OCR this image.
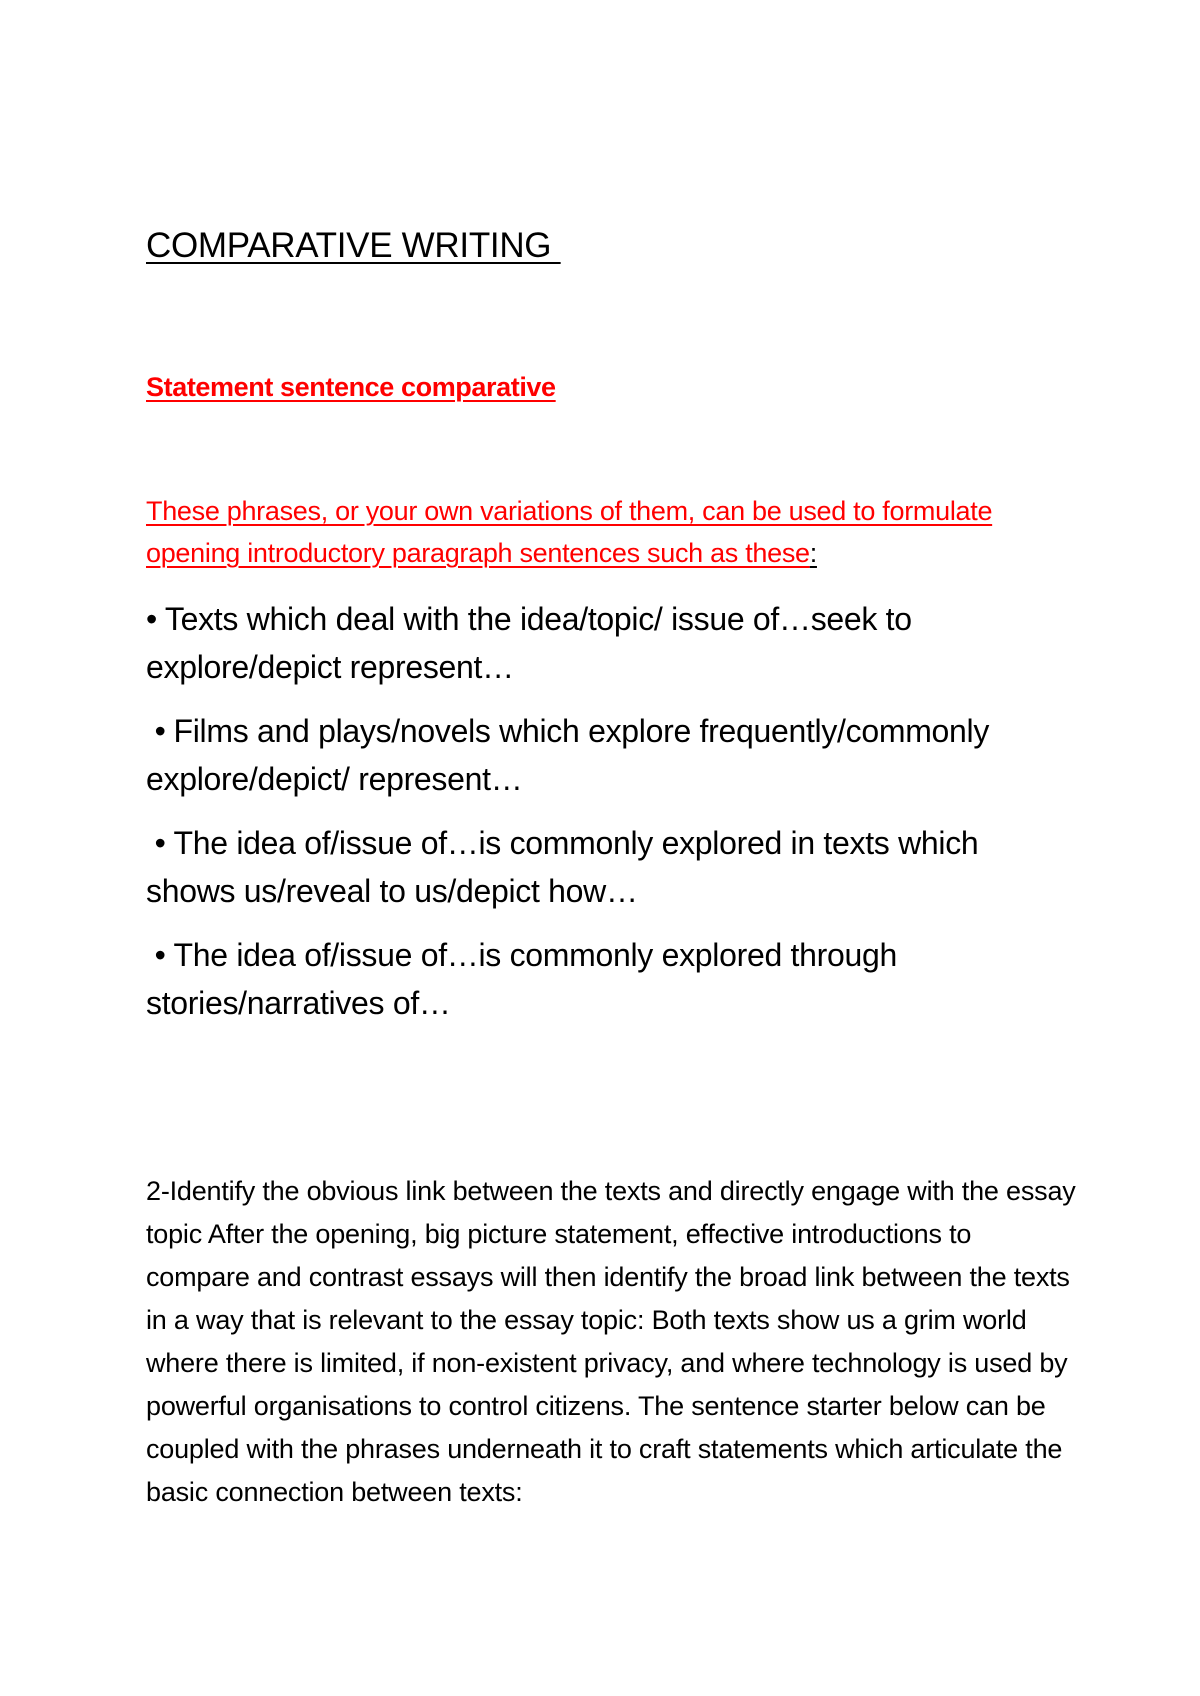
COMPARATIVE WRITING
Statement sentence comparative

These phrases, or your own variations of them, can be used to formulate opening introductory paragraph sentences such as these:

• Texts which deal with the idea/topic/ issue of…seek to explore/depict represent…
• Films and plays/novels which explore frequently/commonly explore/depict/ represent…
• The idea of/issue of…is commonly explored in texts which shows us/reveal to us/depict how…
• The idea of/issue of…is commonly explored through stories/narratives of…

2-Identify the obvious link between the texts and directly engage with the essay topic After the opening, big picture statement, effective introductions to compare and contrast essays will then identify the broad link between the texts in a way that is relevant to the essay topic: Both texts show us a grim world where there is limited, if non-existent privacy, and where technology is used by powerful organisations to control citizens. The sentence starter below can be coupled with the phrases underneath it to craft statements which articulate the basic connection between texts:
